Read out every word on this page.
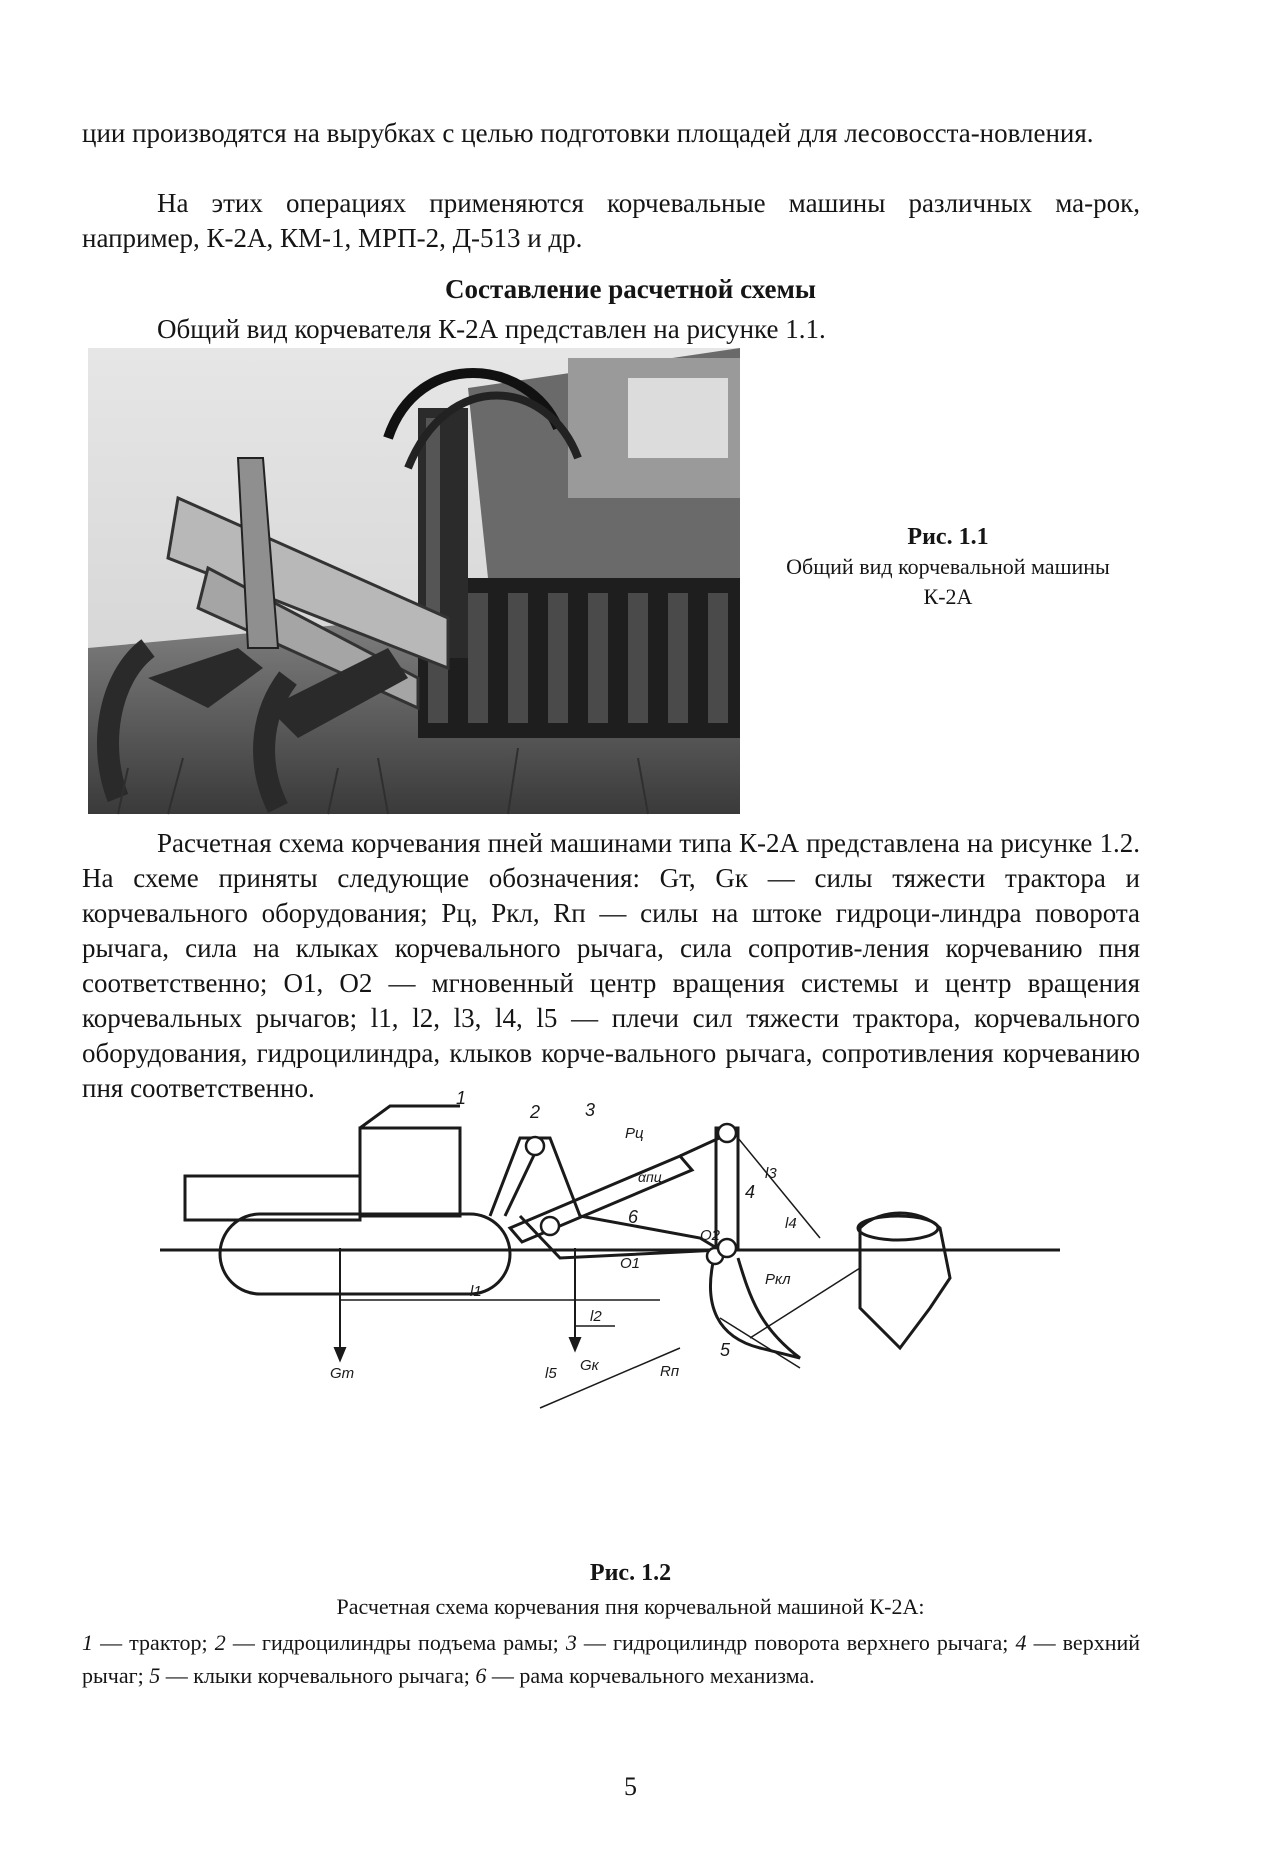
ции производятся на вырубках с целью подготовки площадей для лесовосста-новления.

На этих операциях применяются корчевальные машины различных ма-рок, например, К-2А, КМ-1, МРП-2, Д-513 и др.

Составление расчетной схемы

Общий вид корчевателя К-2А представлен на рисунке 1.1.

Рис. 1.1
Общий вид корчевальной машины К-2А

Расчетная схема корчевания пней машинами типа К-2А представлена на рисунке 1.2. На схеме приняты следующие обозначения: Gт, Gк — силы тяжести трактора и корчевального оборудования; Pц, Pкл, Rп — силы на штоке гидроци-линдра поворота рычага, сила на клыках корчевального рычага, сила сопротив-ления корчеванию пня соответственно; O1, O2 — мгновенный центр вращения системы и центр вращения корчевальных рычагов; l1, l2, l3, l4, l5 — плечи сил тяжести трактора, корчевального оборудования, гидроцилиндра, клыков корче-вального рычага, сопротивления корчеванию пня соответственно.	1
2 3
4
5
6
Pц
αпц	l3
l4
l1
l2
l5
O1
O2
Gт	Gк	Rп
Pкл
Рис. 1.2
Расчетная схема корчевания пня корчевальной машиной К-2А:
1 — трактор; 2 — гидроцилиндры подъема рамы; 3 — гидроцилиндр поворота верхнего рычага; 4 — верхний рычаг; 5 — клыки корчевального рычага; 6 — рама корчевального механизма.
5
